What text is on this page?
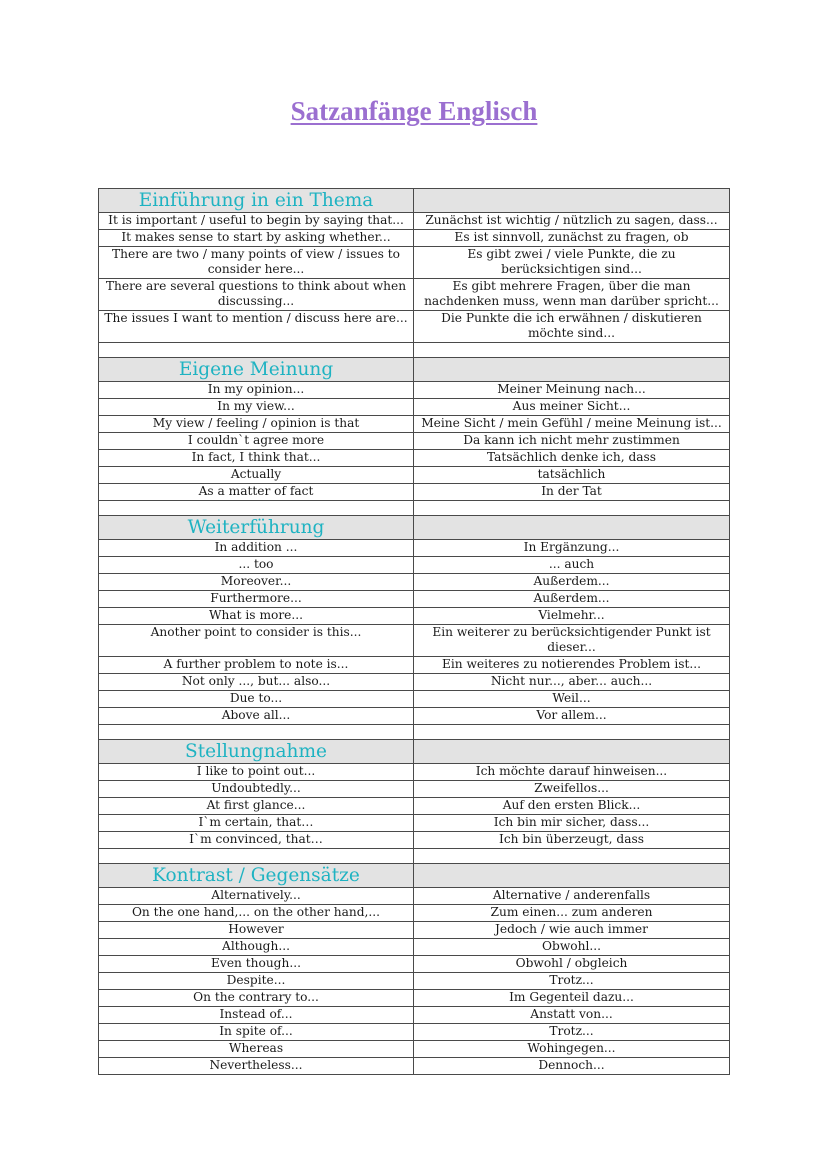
Satzanfänge Englisch
Einführung in ein Thema	
It is important / useful to begin by saying that...	Zunächst ist wichtig / nützlich zu sagen, dass...
It makes sense to start by asking whether...	Es ist sinnvoll, zunächst zu fragen, ob
There are two / many points of view / issues to consider here...	Es gibt zwei / viele Punkte, die zu berücksichtigen sind...
There are several questions to think about when discussing...	Es gibt mehrere Fragen, über die man nachdenken muss, wenn man darüber spricht...
The issues I want to mention / discuss here are...	Die Punkte die ich erwähnen / diskutieren möchte sind...

Eigene Meinung	
In my opinion...	Meiner Meinung nach...
In my view...	Aus meiner Sicht...
My view / feeling / opinion is that	Meine Sicht / mein Gefühl / meine Meinung ist...
I couldn`t agree more	Da kann ich nicht mehr zustimmen
In fact, I think that...	Tatsächlich denke ich, dass
Actually	tatsächlich
As a matter of fact	In der Tat

Weiterführung	
In addition ...	In Ergänzung...
... too	... auch
Moreover...	Außerdem...
Furthermore...	Außerdem...
What is more...	Vielmehr...
Another point to consider is this...	Ein weiterer zu berücksichtigender Punkt ist dieser...
A further problem to note is...	Ein weiteres zu notierendes Problem ist...
Not only ..., but... also...	Nicht nur..., aber... auch...
Due to...	Weil...
Above all...	Vor allem...

Stellungnahme	
I like to point out...	Ich möchte darauf hinweisen...
Undoubtedly...	Zweifellos...
At first glance...	Auf den ersten Blick...
I`m certain, that…	Ich bin mir sicher, dass...
I`m convinced, that…	Ich bin überzeugt, dass

Kontrast / Gegensätze	
Alternatively...	Alternative / anderenfalls
On the one hand,... on the other hand,...	Zum einen... zum anderen
However	Jedoch / wie auch immer
Although...	Obwohl...
Even though...	Obwohl / obgleich
Despite...	Trotz...
On the contrary to...	Im Gegenteil dazu...
Instead of...	Anstatt von...
In spite of...	Trotz...
Whereas	Wohingegen...
Nevertheless...	Dennoch...
